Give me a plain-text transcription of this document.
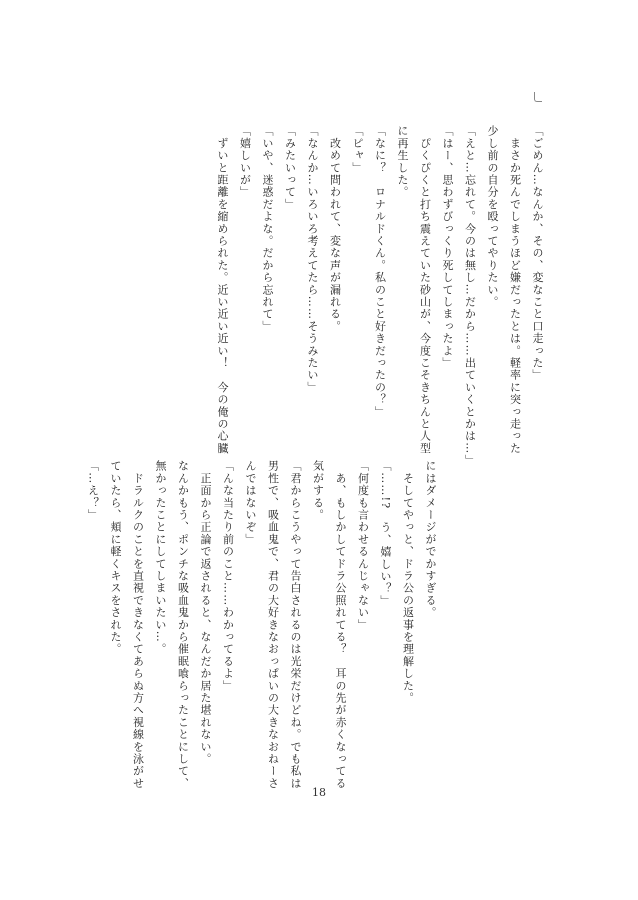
「ごめん…なんか、その、変なこと口走った」
　まさか死んでしまうほど嫌だったとは。軽率に突っ走った
少し前の自分を殴ってやりたい。
「えと…忘れて。今のは無し…だから……出ていくとかは…」
「はー、思わずびっくり死してしまったよ」
　ぴくぴくと打ち震えていた砂山が、今度こそきちんと人型
に再生した。
「なに？　ロナルドくん。私のこと好きだったの？」
「ピャ」
　改めて問われて、変な声が漏れる。
「なんか…いろいろ考えてたら……そうみたい」
「みたいって」
「いや、迷惑だよな。だから忘れて」
「嬉しいが」
　ずいと距離を縮められた。近い近い近い！　今の俺の心臓
にはダメージがでかすぎる。
　そしてやっと、ドラ公の返事を理解した。
「……!?　う、嬉しい？」
「何度も言わせるんじゃない」
　あ、もしかしてドラ公照れてる？　耳の先が赤くなってる
気がする。
「君からこうやって告白されるのは光栄だけどね。でも私は
男性で、吸血鬼で、君の大好きなおっぱいの大きなおねーさ
んではないぞ」
「んな当たり前のこと……わかってるよ」
　正面から正論で返されると、なんだか居た堪れない。
なんかもう、ポンチな吸血鬼から催眠喰らったことにして、
無かったことにしてしまいたい…。
　ドラルクのことを直視できなくてあらぬ方へ視線を泳がせ
ていたら、頬に軽くキスをされた。
「…え？」
18
